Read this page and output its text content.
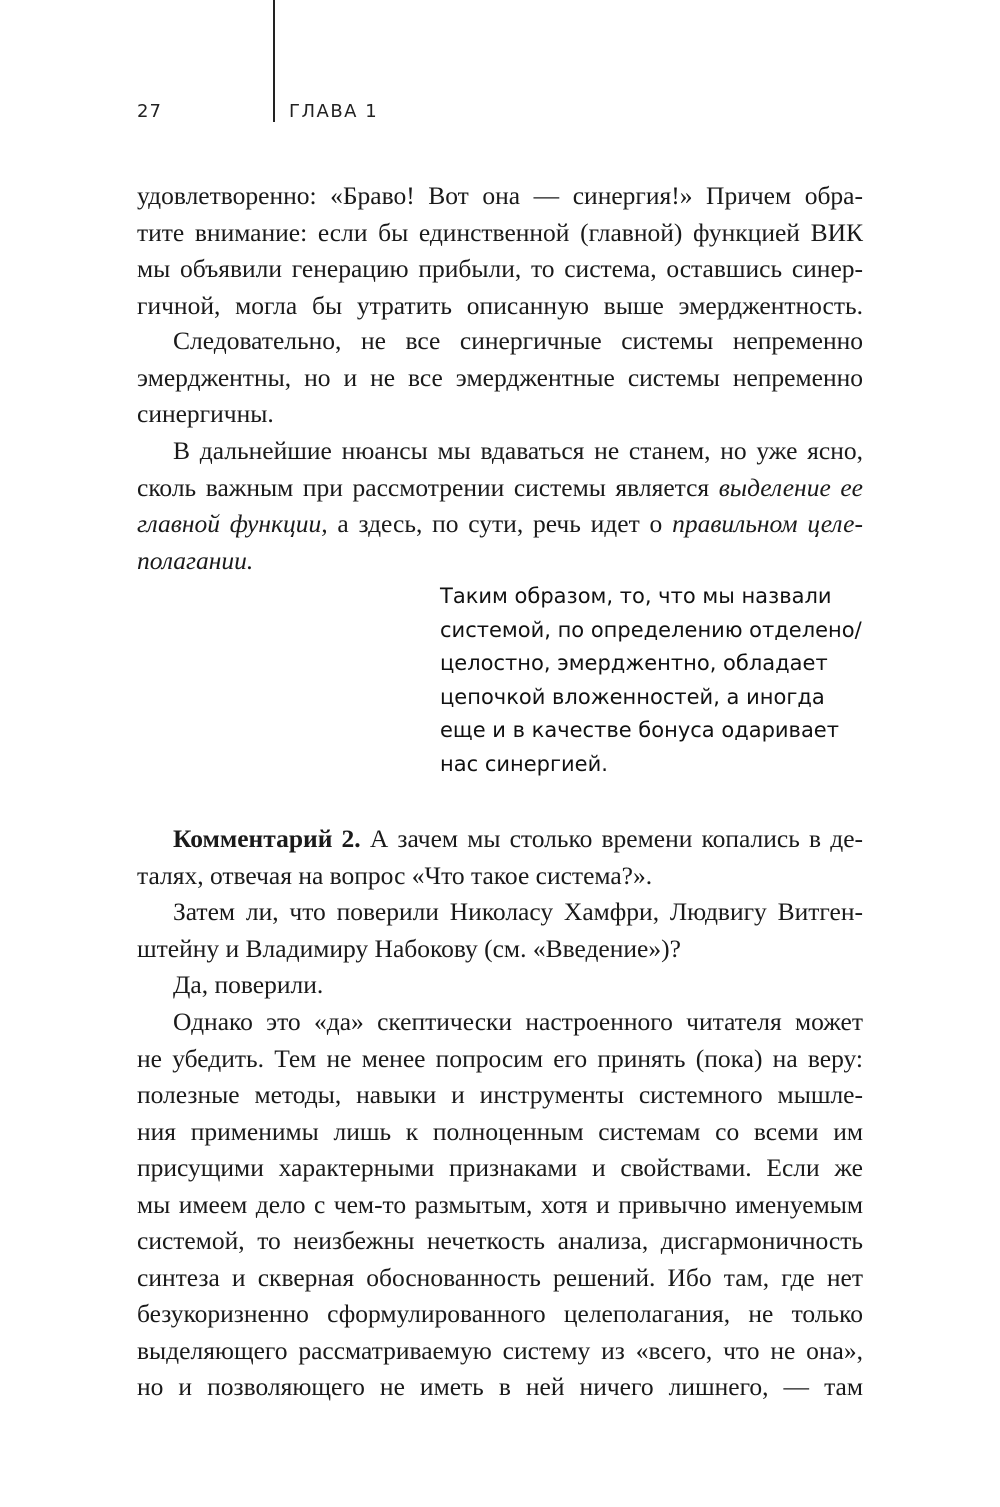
27	ГЛАВА 1
удовлетворенно: «Браво! Вот она — синергия!» Причем обра-
тите внимание: если бы единственной (главной) функцией ВИК
мы объявили генерацию прибыли, то система, оставшись синер-
гичной, могла бы утратить описанную выше эмерджентность.
Следовательно, не все синергичные системы непременно
эмерджентны, но и не все эмерджентные системы непременно
синергичны.
В дальнейшие нюансы мы вдаваться не станем, но уже ясно,
сколь важным при рассмотрении системы является выделение ее
главной функции, а здесь, по сути, речь идет о правильном целе-
полагании.
Таким образом, то, что мы назвали
системой, по определению отделено/
целостно, эмерджентно, обладает
цепочкой вложенностей, а иногда
еще и в качестве бонуса одаривает
нас синергией.
Комментарий 2. А зачем мы столько времени копались в де-
талях, отвечая на вопрос «Что такое система?».
Затем ли, что поверили Николасу Хамфри, Людвигу Витген-
штейну и Владимиру Набокову (см. «Введение»)?
Да, поверили.
Однако это «да» скептически настроенного читателя может
не убедить. Тем не менее попросим его принять (пока) на веру:
полезные методы, навыки и инструменты системного мышле-
ния применимы лишь к полноценным системам со всеми им
присущими характерными признаками и свойствами. Если же
мы имеем дело с чем-то размытым, хотя и привычно именуемым
системой, то неизбежны нечеткость анализа, дисгармоничность
синтеза и скверная обоснованность решений. Ибо там, где нет
безукоризненно сформулированного целеполагания, не только
выделяющего рассматриваемую систему из «всего, что не она»,
но и позволяющего не иметь в ней ничего лишнего, — там
